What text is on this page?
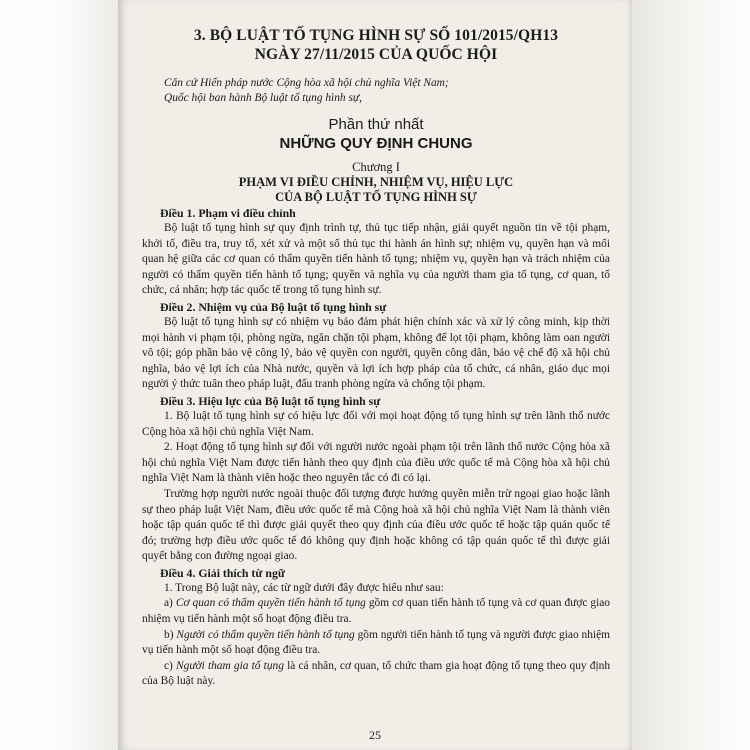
3. BỘ LUẬT TỐ TỤNG HÌNH SỰ SỐ 101/2015/QH13
NGÀY 27/11/2015 CỦA QUỐC HỘI
Căn cứ Hiến pháp nước Cộng hòa xã hội chủ nghĩa Việt Nam;
Quốc hội ban hành Bộ luật tố tụng hình sự,
Phần thứ nhất
NHỮNG QUY ĐỊNH CHUNG
Chương I
PHẠM VI ĐIỀU CHỈNH, NHIỆM VỤ, HIỆU LỰC
CỦA BỘ LUẬT TỐ TỤNG HÌNH SỰ
Điều 1. Phạm vi điều chỉnh
Bộ luật tố tụng hình sự quy định trình tự, thủ tục tiếp nhận, giải quyết nguồn tin về tội phạm, khởi tố, điều tra, truy tố, xét xử và một số thủ tục thi hành án hình sự; nhiệm vụ, quyền hạn và mối quan hệ giữa các cơ quan có thẩm quyền tiến hành tố tụng; nhiệm vụ, quyền hạn và trách nhiệm của người có thẩm quyền tiến hành tố tụng; quyền và nghĩa vụ của người tham gia tố tụng, cơ quan, tổ chức, cá nhân; hợp tác quốc tế trong tố tụng hình sự.
Điều 2. Nhiệm vụ của Bộ luật tố tụng hình sự
Bộ luật tố tụng hình sự có nhiệm vụ bảo đảm phát hiện chính xác và xử lý công minh, kịp thời mọi hành vi phạm tội, phòng ngừa, ngăn chặn tội phạm, không để lọt tội phạm, không làm oan người vô tội; góp phần bảo vệ công lý, bảo vệ quyền con người, quyền công dân, bảo vệ chế độ xã hội chủ nghĩa, bảo vệ lợi ích của Nhà nước, quyền và lợi ích hợp pháp của tổ chức, cá nhân, giáo dục mọi người ý thức tuân theo pháp luật, đấu tranh phòng ngừa và chống tội phạm.
Điều 3. Hiệu lực của Bộ luật tố tụng hình sự
1. Bộ luật tố tụng hình sự có hiệu lực đối với mọi hoạt động tố tụng hình sự trên lãnh thổ nước Cộng hòa xã hội chủ nghĩa Việt Nam.
2. Hoạt động tố tụng hình sự đối với người nước ngoài phạm tội trên lãnh thổ nước Cộng hòa xã hội chủ nghĩa Việt Nam được tiến hành theo quy định của điều ước quốc tế mà Cộng hòa xã hội chủ nghĩa Việt Nam là thành viên hoặc theo nguyên tắc có đi có lại.
Trường hợp người nước ngoài thuộc đối tượng được hưởng quyền miễn trừ ngoại giao hoặc lãnh sự theo pháp luật Việt Nam, điều ước quốc tế mà Cộng hoà xã hội chủ nghĩa Việt Nam là thành viên hoặc tập quán quốc tế thì được giải quyết theo quy định của điều ước quốc tế hoặc tập quán quốc tế đó; trường hợp điều ước quốc tế đó không quy định hoặc không có tập quán quốc tế thì được giải quyết bằng con đường ngoại giao.
Điều 4. Giải thích từ ngữ
1. Trong Bộ luật này, các từ ngữ dưới đây được hiểu như sau:
a) Cơ quan có thẩm quyền tiến hành tố tụng gồm cơ quan tiến hành tố tụng và cơ quan được giao nhiệm vụ tiến hành một số hoạt động điều tra.
b) Người có thẩm quyền tiến hành tố tụng gồm người tiến hành tố tụng và người được giao nhiệm vụ tiến hành một số hoạt động điều tra.
c) Người tham gia tố tụng là cá nhân, cơ quan, tổ chức tham gia hoạt động tố tụng theo quy định của Bộ luật này.
25
